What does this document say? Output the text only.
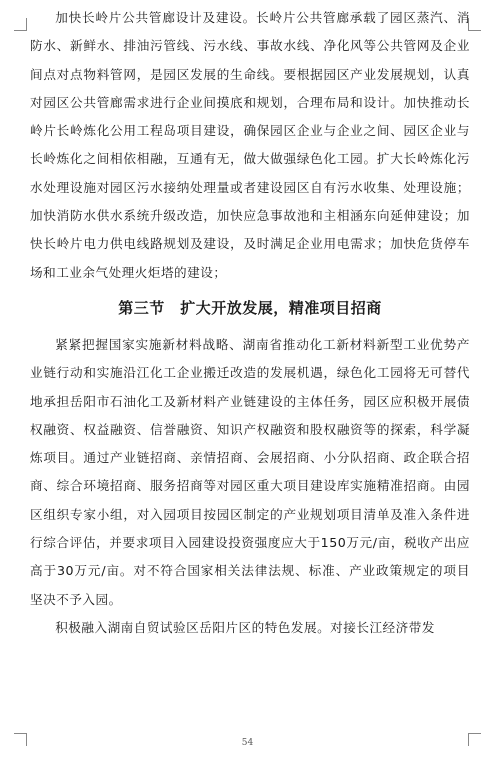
加快长岭片公共管廊设计及建设。长岭片公共管廊承载了园区蒸汽、消防水、新鲜水、排油污管线、污水线、事故水线、净化风等公共管网及企业间点对点物料管网，是园区发展的生命线。要根据园区产业发展规划，认真对园区公共管廊需求进行企业间摸底和规划，合理布局和设计。加快推动长岭片长岭炼化公用工程岛项目建设，确保园区企业与企业之间、园区企业与长岭炼化之间相依相融，互通有无，做大做强绿色化工园。扩大长岭炼化污水处理设施对园区污水接纳处理量或者建设园区自有污水收集、处理设施；加快消防水供水系统升级改造，加快应急事故池和主相涵东向延伸建设；加快长岭片电力供电线路规划及建设，及时满足企业用电需求；加快危货停车场和工业余气处理火炬塔的建设；

第三节　扩大开放发展，精准项目招商

紧紧把握国家实施新材料战略、湖南省推动化工新材料新型工业优势产业链行动和实施沿江化工企业搬迁改造的发展机遇，绿色化工园将无可替代地承担岳阳市石油化工及新材料产业链建设的主体任务，园区应积极开展债权融资、权益融资、信誉融资、知识产权融资和股权融资等的探索，科学凝炼项目。通过产业链招商、亲情招商、会展招商、小分队招商、政企联合招商、综合环境招商、服务招商等对园区重大项目建设库实施精准招商。由园区组织专家小组，对入园项目按园区制定的产业规划项目清单及准入条件进行综合评估，并要求项目入园建设投资强度应大于150万元/亩，税收产出应高于30万元/亩。对不符合国家相关法律法规、标准、产业政策规定的项目坚决不予入园。

积极融入湖南自贸试验区岳阳片区的特色发展。对接长江经济带发

54
